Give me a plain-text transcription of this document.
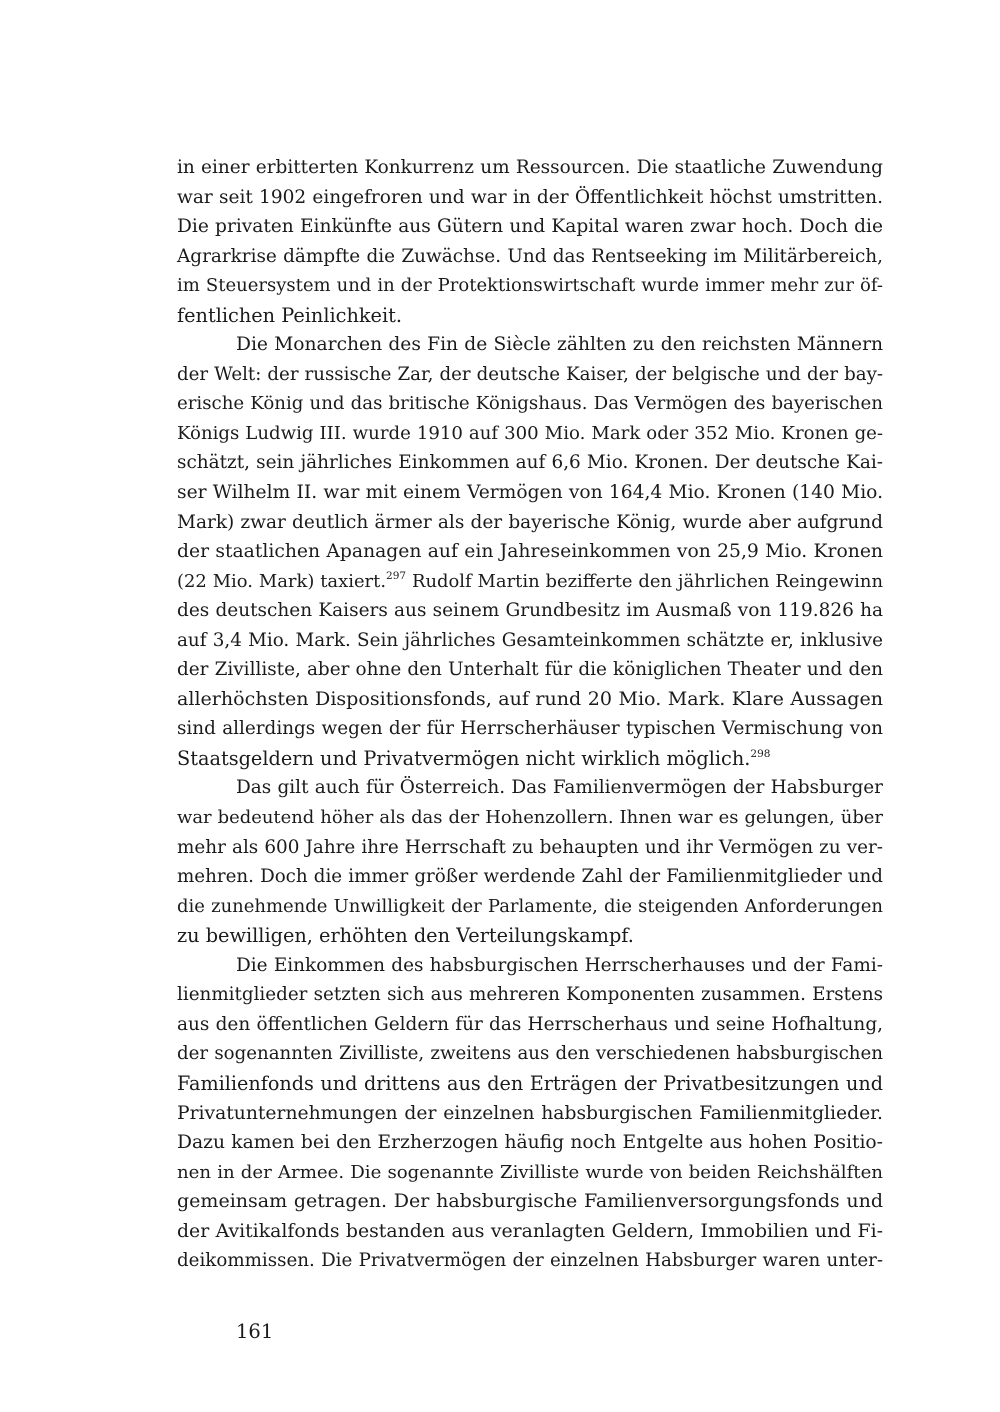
in einer erbitterten Konkurrenz um Ressourcen. Die staatliche Zuwendung
war seit 1902 eingefroren und war in der Öffentlichkeit höchst umstritten.
Die privaten Einkünfte aus Gütern und Kapital waren zwar hoch. Doch die
Agrarkrise dämpfte die Zuwächse. Und das Rentseeking im Militärbereich,
im Steuersystem und in der Protektionswirtschaft wurde immer mehr zur öf-
fentlichen Peinlichkeit.
Die Monarchen des Fin de Siècle zählten zu den reichsten Männern
der Welt: der russische Zar, der deutsche Kaiser, der belgische und der bay-
erische König und das britische Königshaus. Das Vermögen des bayerischen
Königs Ludwig III. wurde 1910 auf 300 Mio. Mark oder 352 Mio. Kronen ge-
schätzt, sein jährliches Einkommen auf 6,6 Mio. Kronen. Der deutsche Kai-
ser Wilhelm II. war mit einem Vermögen von 164,4 Mio. Kronen (140 Mio.
Mark) zwar deutlich ärmer als der bayerische König, wurde aber aufgrund
der staatlichen Apanagen auf ein Jahreseinkommen von 25,9 Mio. Kronen
(22 Mio. Mark) taxiert.$^{297}$ Rudolf Martin bezifferte den jährlichen Reingewinn
des deutschen Kaisers aus seinem Grundbesitz im Ausmaß von 119.826 ha
auf 3,4 Mio. Mark. Sein jährliches Gesamteinkommen schätzte er, inklusive
der Zivilliste, aber ohne den Unterhalt für die königlichen Theater und den
allerhöchsten Dispositionsfonds, auf rund 20 Mio. Mark. Klare Aussagen
sind allerdings wegen der für Herrscherhäuser typischen Vermischung von
Staatsgeldern und Privatvermögen nicht wirklich möglich.$^{298}$
Das gilt auch für Österreich. Das Familienvermögen der Habsburger
war bedeutend höher als das der Hohenzollern. Ihnen war es gelungen, über
mehr als 600 Jahre ihre Herrschaft zu behaupten und ihr Vermögen zu ver-
mehren. Doch die immer größer werdende Zahl der Familienmitglieder und
die zunehmende Unwilligkeit der Parlamente, die steigenden Anforderungen
zu bewilligen, erhöhten den Verteilungskampf.
Die Einkommen des habsburgischen Herrscherhauses und der Fami-
lienmitglieder setzten sich aus mehreren Komponenten zusammen. Erstens
aus den öffentlichen Geldern für das Herrscherhaus und seine Hofhaltung,
der sogenannten Zivilliste, zweitens aus den verschiedenen habsburgischen
Familienfonds und drittens aus den Erträgen der Privatbesitzungen und
Privatunternehmungen der einzelnen habsburgischen Familienmitglieder.
Dazu kamen bei den Erzherzogen häufig noch Entgelte aus hohen Positio-
nen in der Armee. Die sogenannte Zivilliste wurde von beiden Reichshälften
gemeinsam getragen. Der habsburgische Familienversorgungsfonds und
der Avitikalfonds bestanden aus veranlagten Geldern, Immobilien und Fi-
deikommissen. Die Privatvermögen der einzelnen Habsburger waren unter-
161
